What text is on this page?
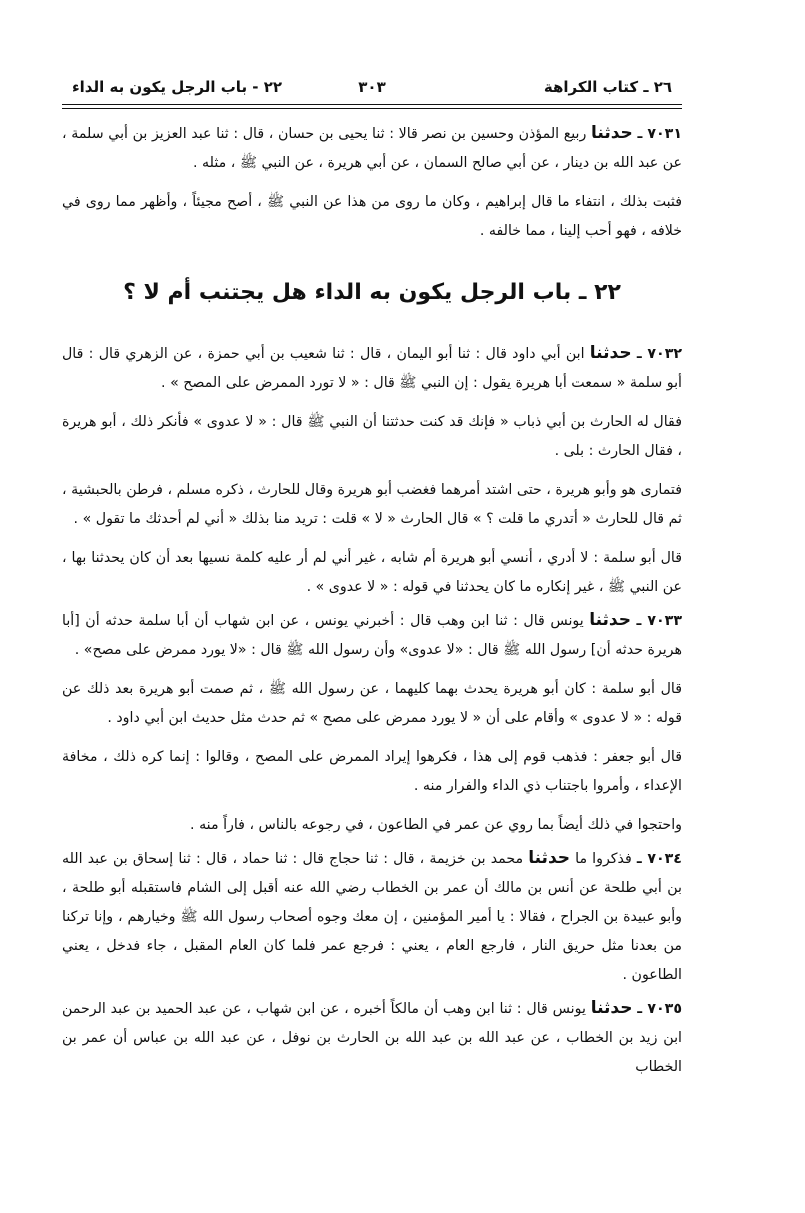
٢٦ ـ كتاب الكراهة
٣٠٣
٢٢ - باب الرجل يكون به الداء

٧٠٣١ ـ حدثنا ربيع المؤذن وحسين بن نصر قالا : ثنا يحيى بن حسان ، قال : ثنا عبد العزيز بن أبي سلمة ، عن عبد الله بن دينار ، عن أبي صالح السمان ، عن أبي هريرة ، عن النبي ﷺ ، مثله .

فثبت بذلك ، انتفاء ما قال إبراهيم ، وكان ما روى من هذا عن النبي ﷺ ، أصح مجيئاً ، وأظهر مما روى في خلافه ، فهو أحب إلينا ، مما خالفه .

٢٢ ـ باب الرجل يكون به الداء هل يجتنب أم لا ؟

٧٠٣٢ ـ حدثنا ابن أبي داود قال : ثنا أبو اليمان ، قال : ثنا شعيب بن أبي حمزة ، عن الزهري قال : قال أبو سلمة « سمعت أبا هريرة يقول : إن النبي ﷺ قال : « لا تورد الممرض على المصح » .

فقال له الحارث بن أبي ذباب « فإنك قد كنت حدثتنا أن النبي ﷺ قال : « لا عدوى » فأنكر ذلك ، أبو هريرة ، فقال الحارث : بلى .

فتمارى هو وأبو هريرة ، حتى اشتد أمرهما فغضب أبو هريرة وقال للحارث ، ذكره مسلم ، فرطن بالحبشية ، ثم قال للحارث « أتدري ما قلت ؟ » قال الحارث « لا » قلت : تريد منا بذلك « أني لم أحدثك ما تقول » .

قال أبو سلمة : لا أدري ، أنسي أبو هريرة أم شابه ، غير أني لم أر عليه كلمة نسيها بعد أن كان يحدثنا بها ، عن النبي ﷺ ، غير إنكاره ما كان يحدثنا في قوله : « لا عدوى » .

٧٠٣٣ ـ حدثنا يونس قال : ثنا ابن وهب قال : أخبرني يونس ، عن ابن شهاب أن أبا سلمة حدثه أن [أبا هريرة حدثه أن] رسول الله ﷺ قال : «لا عدوى» وأن رسول الله ﷺ قال : «لا يورد ممرض على مصح» .

قال أبو سلمة : كان أبو هريرة يحدث بهما كليهما ، عن رسول الله ﷺ ، ثم صمت أبو هريرة بعد ذلك عن قوله : « لا عدوى » وأقام على أن « لا يورد ممرض على مصح » ثم حدث مثل حديث ابن أبي داود .

قال أبو جعفر : فذهب قوم إلى هذا ، فكرهوا إيراد الممرض على المصح ، وقالوا : إنما كره ذلك ، مخافة الإعداء ، وأمروا باجتناب ذي الداء والفرار منه .

واحتجوا في ذلك أيضاً بما روي عن عمر في الطاعون ، في رجوعه بالناس ، فاراً منه .

٧٠٣٤ ـ فذكروا ما حدثنا محمد بن خزيمة ، قال : ثنا حجاج قال : ثنا حماد ، قال : ثنا إسحاق بن عبد الله بن أبي طلحة عن أنس بن مالك أن عمر بن الخطاب رضي الله عنه أقبل إلى الشام فاستقبله أبو طلحة ، وأبو عبيدة بن الجراح ، فقالا : يا أمير المؤمنين ، إن معك وجوه أصحاب رسول الله ﷺ وخيارهم ، وإنا تركنا من بعدنا مثل حريق النار ، فارجع العام ، يعني : فرجع عمر فلما كان العام المقبل ، جاء فدخل ، يعني الطاعون .

٧٠٣٥ ـ حدثنا يونس قال : ثنا ابن وهب أن مالكاً أخبره ، عن ابن شهاب ، عن عبد الحميد بن عبد الرحمن ابن زيد بن الخطاب ، عن عبد الله بن عبد الله بن الحارث بن نوفل ، عن عبد الله بن عباس أن عمر بن الخطاب
